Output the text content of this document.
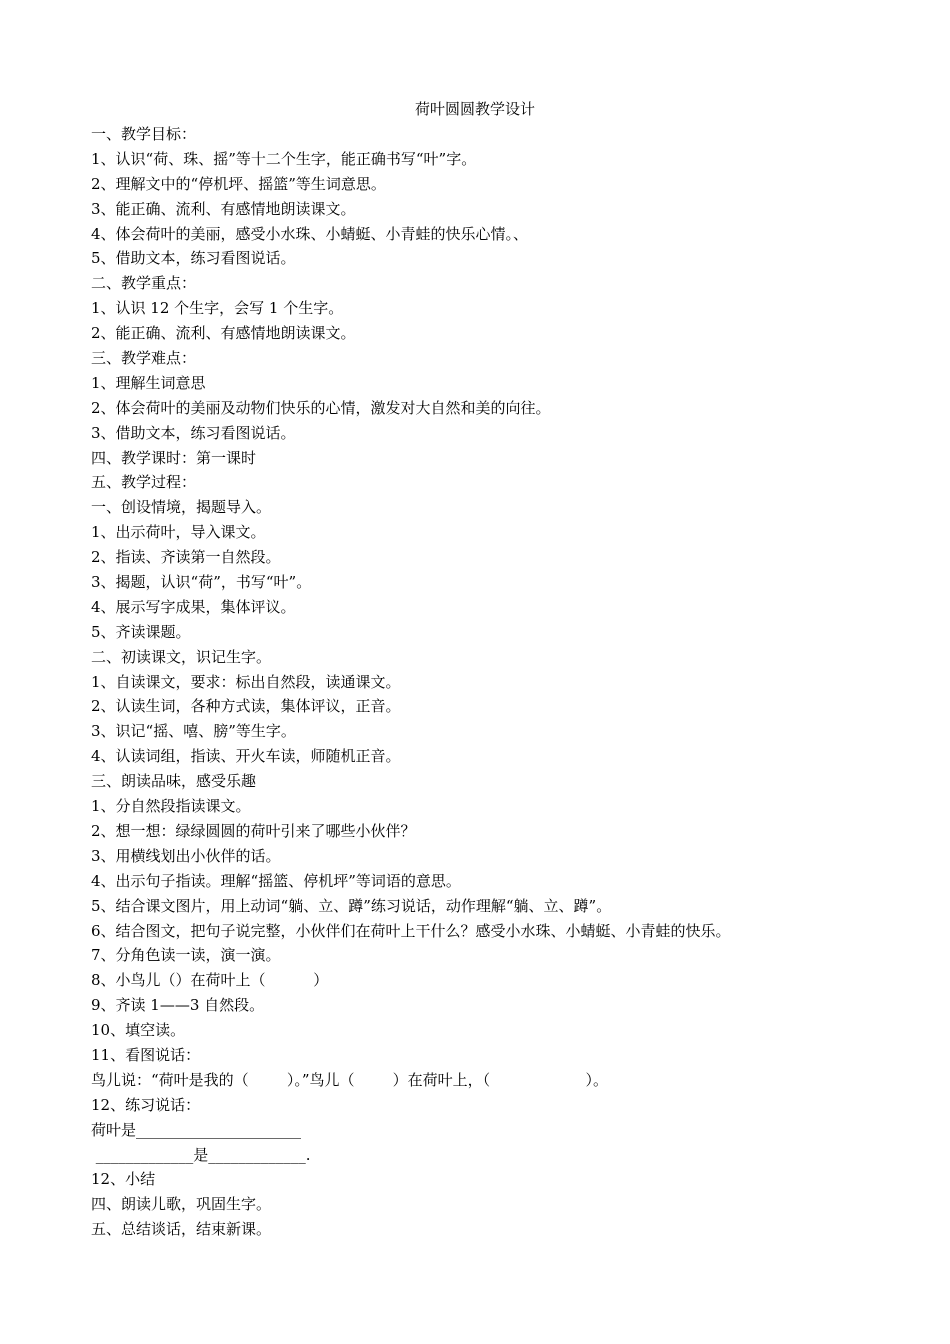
荷叶圆圆教学设计
一、教学目标：
1、认识“荷、珠、摇”等十二个生字，能正确书写“叶”字。
2、理解文中的“停机坪、摇篮”等生词意思。
3、能正确、流利、有感情地朗读课文。
4、体会荷叶的美丽，感受小水珠、小蜻蜓、小青蛙的快乐心情。、
5、借助文本，练习看图说话。
二、教学重点：
1、认识 12 个生字，会写 1 个生字。
2、能正确、流利、有感情地朗读课文。
三、教学难点：
1、理解生词意思
2、体会荷叶的美丽及动物们快乐的心情，激发对大自然和美的向往。
3、借助文本，练习看图说话。
四、教学课时：第一课时
五、教学过程：
一、创设情境，揭题导入。
1、出示荷叶，导入课文。
2、指读、齐读第一自然段。
3、揭题，认识“荷”，书写“叶”。
4、展示写字成果，集体评议。
5、齐读课题。
二、初读课文，识记生字。
1、自读课文，要求：标出自然段，读通课文。
2、认读生词，各种方式读，集体评议，正音。
3、识记“摇、嘻、膀”等生字。
4、认读词组，指读、开火车读，师随机正音。
三、朗读品味，感受乐趣
1、分自然段指读课文。
2、想一想：绿绿圆圆的荷叶引来了哪些小伙伴？
3、用横线划出小伙伴的话。
4、出示句子指读。理解“摇篮、停机坪”等词语的意思。
5、结合课文图片，用上动词“躺、立、蹲”练习说话，动作理解“躺、立、蹲”。
6、结合图文，把句子说完整，小伙伴们在荷叶上干什么？感受小水珠、小蜻蜓、小青蛙的快乐。
7、分角色读一读，演一演。
8、小鸟儿（）在荷叶上（          ）
9、齐读 1——3 自然段。
10、填空读。
11、看图说话：
鸟儿说：“荷叶是我的（        ）。”鸟儿（        ）在荷叶上，（                    ）。
12、练习说话：
荷叶是______________________
_____________是_____________.
12、小结
四、朗读儿歌，巩固生字。
五、总结谈话，结束新课。
